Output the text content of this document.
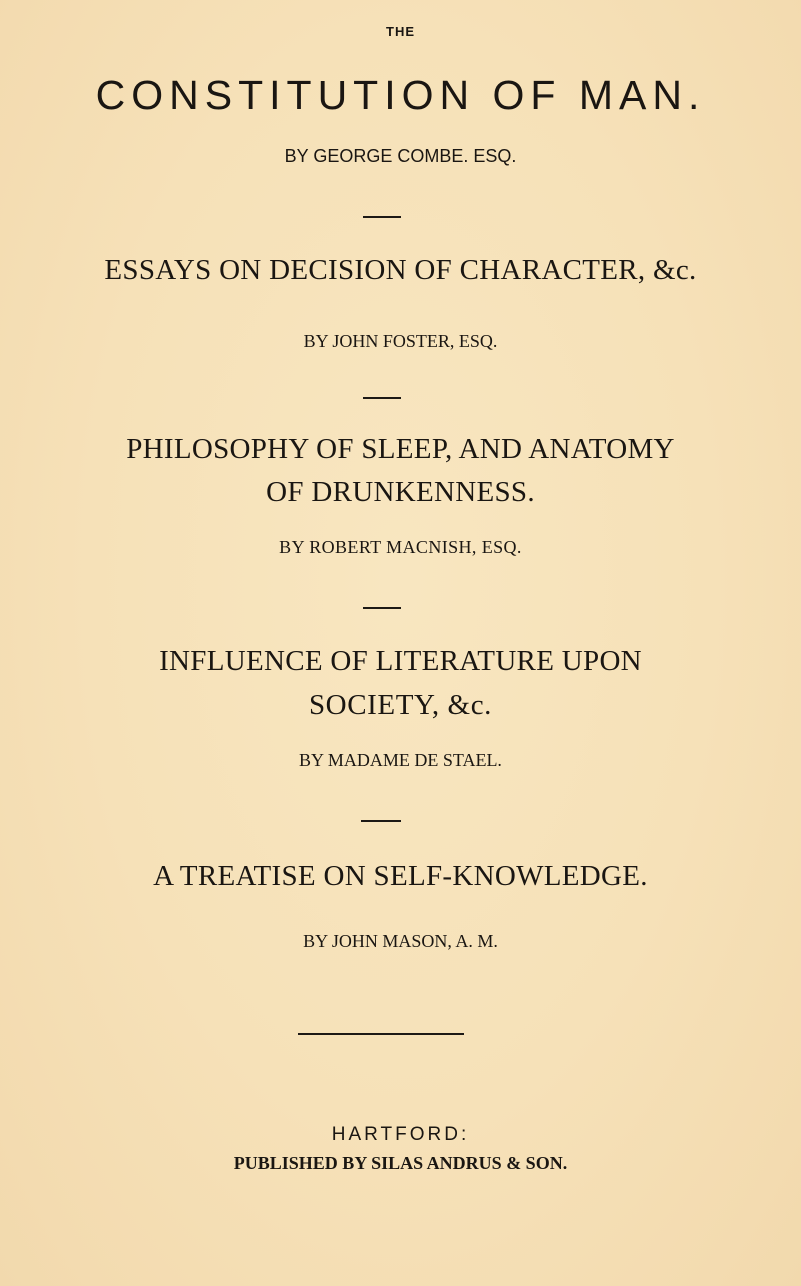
THE
CONSTITUTION OF MAN.
BY GEORGE COMBE. ESQ.
ESSAYS ON DECISION OF CHARACTER, &c.
BY JOHN FOSTER, ESQ.
PHILOSOPHY OF SLEEP, AND ANATOMY
OF DRUNKENNESS.
BY ROBERT MACNISH, ESQ.
INFLUENCE OF LITERATURE UPON
SOCIETY, &c.
BY MADAME DE STAEL.
A TREATISE ON SELF-KNOWLEDGE.
BY JOHN MASON, A. M.
HARTFORD:
PUBLISHED BY SILAS ANDRUS & SON.
